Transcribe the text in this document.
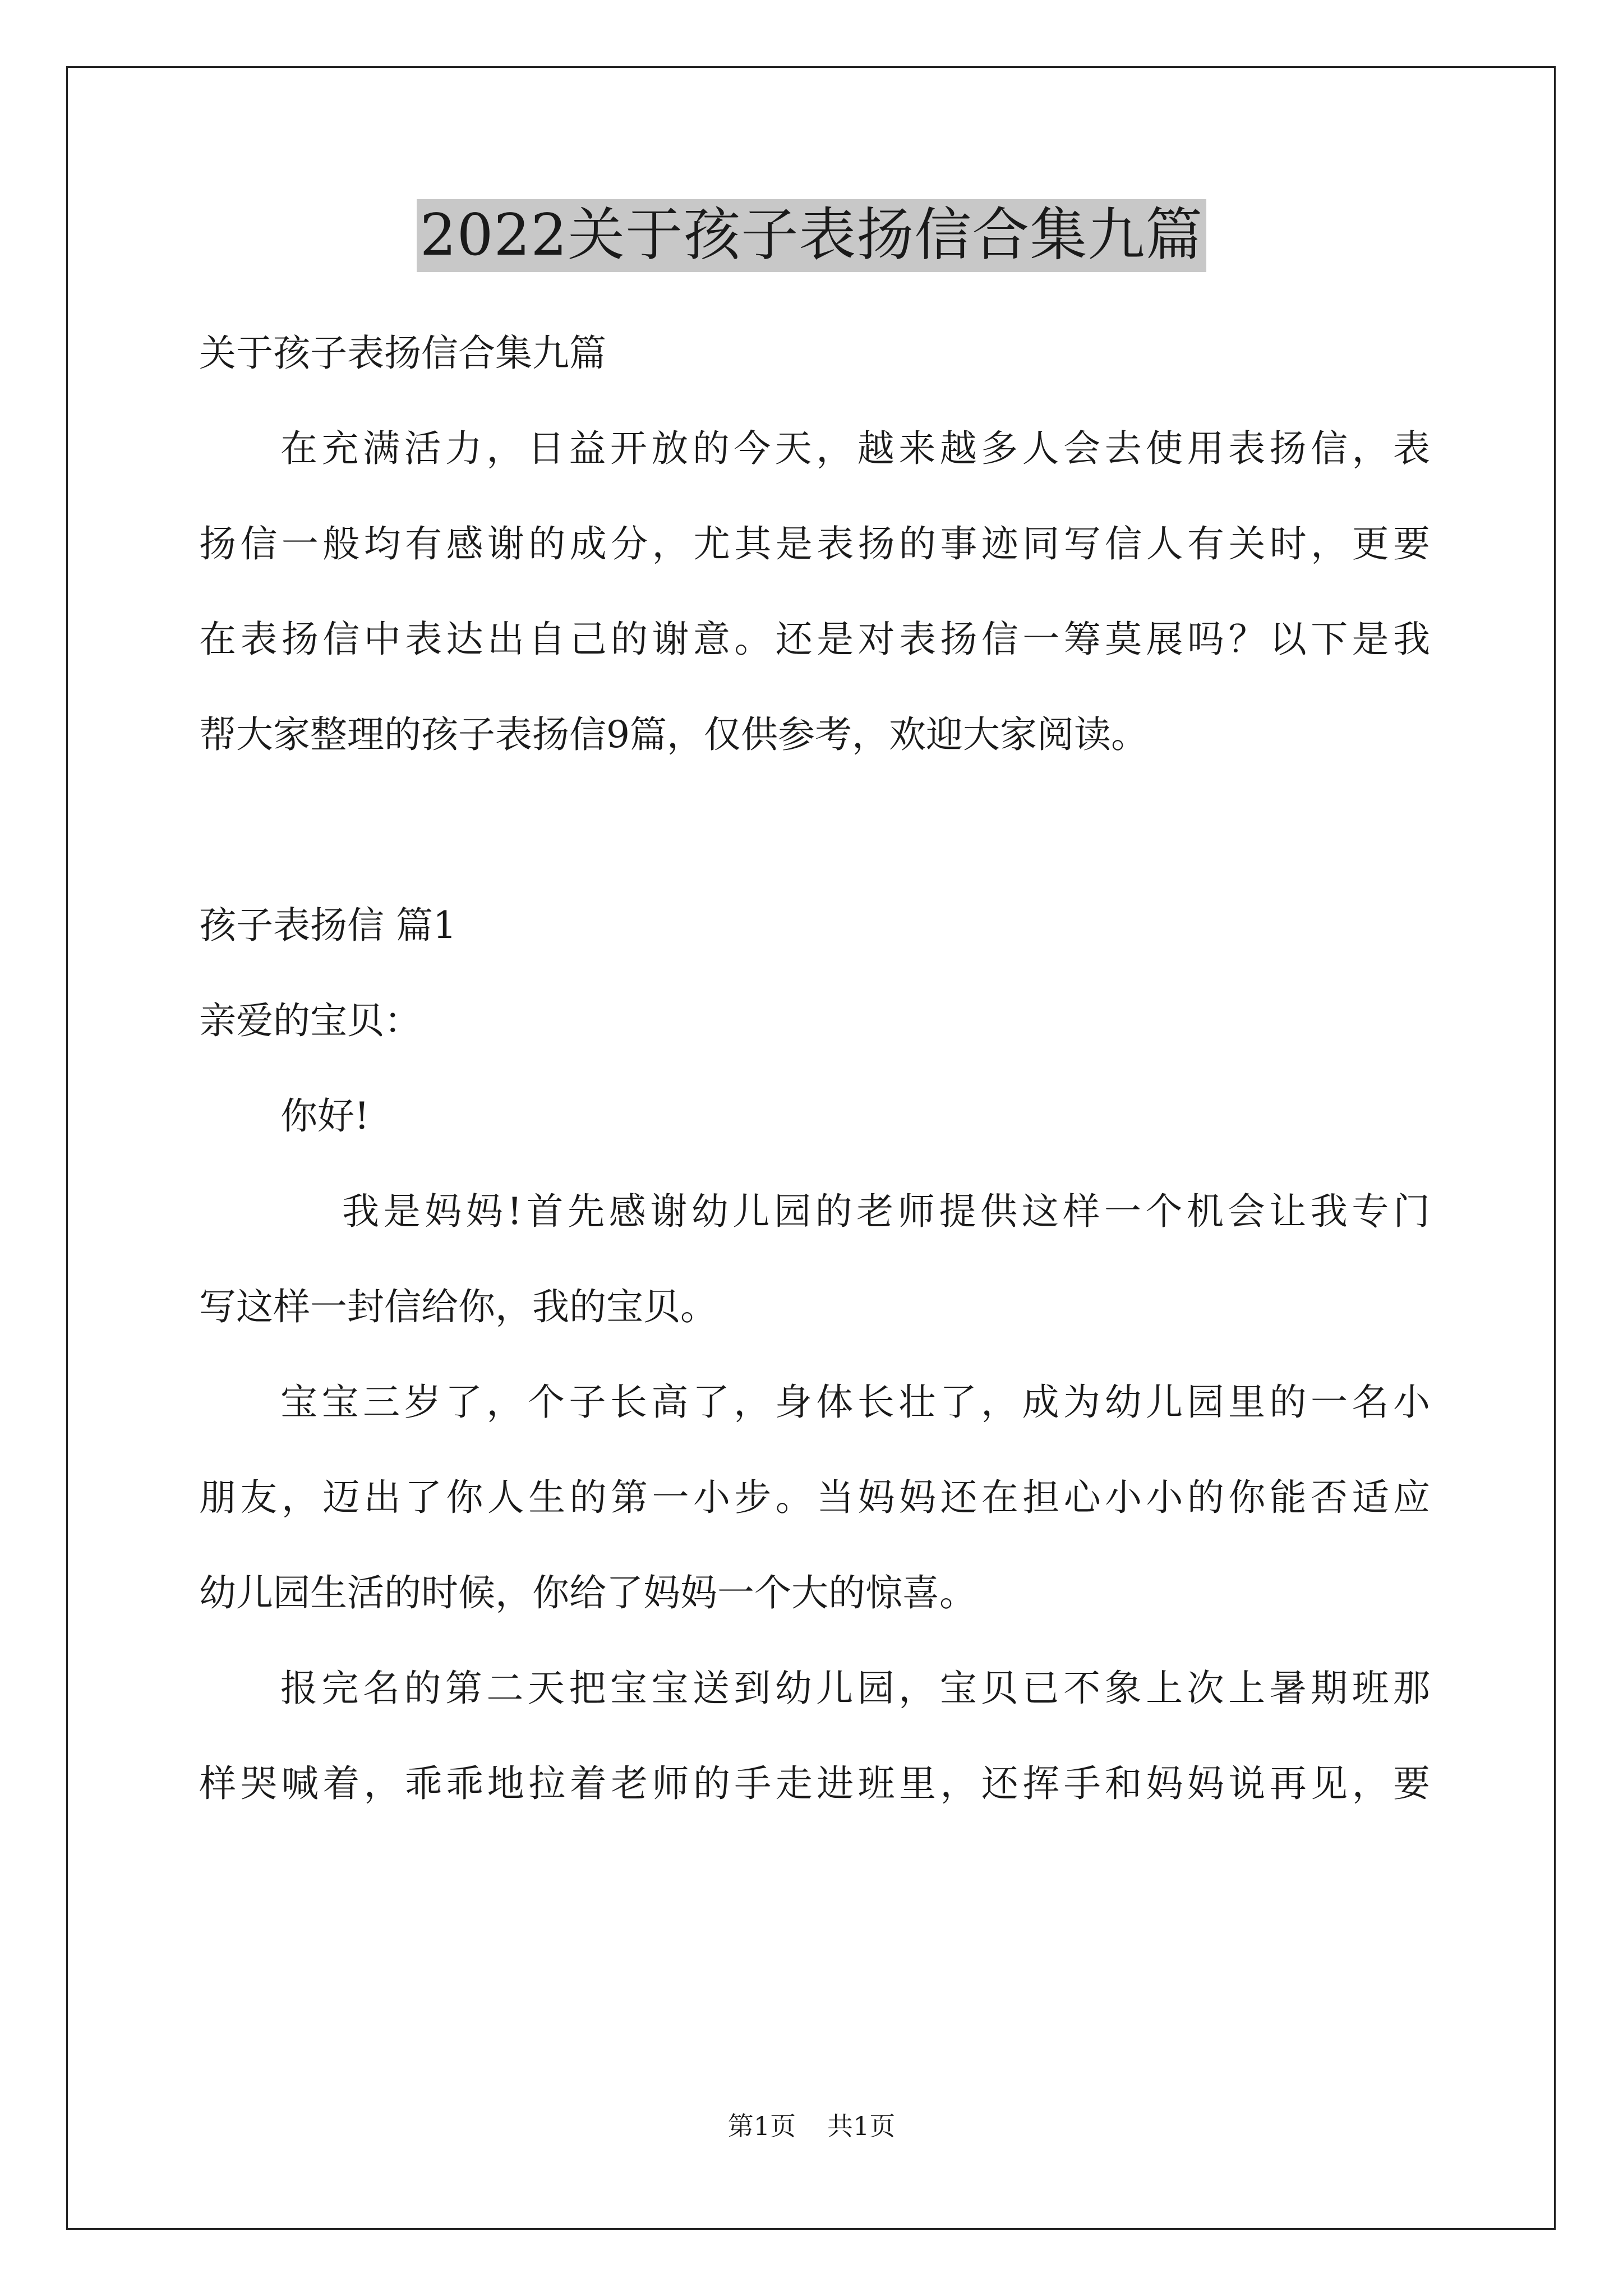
2022关于孩子表扬信合集九篇
关于孩子表扬信合集九篇
在充满活力，日益开放的今天，越来越多人会去使用表扬信，表
扬信一般均有感谢的成分，尤其是表扬的事迹同写信人有关时，更要
在表扬信中表达出自己的谢意。还是对表扬信一筹莫展吗？以下是我
帮大家整理的孩子表扬信9篇，仅供参考，欢迎大家阅读。
孩子表扬信 篇1
亲爱的宝贝：
你好!
我是妈妈!首先感谢幼儿园的老师提供这样一个机会让我专门
写这样一封信给你，我的宝贝。
宝宝三岁了，个子长高了，身体长壮了，成为幼儿园里的一名小
朋友，迈出了你人生的第一小步。当妈妈还在担心小小的你能否适应
幼儿园生活的时候，你给了妈妈一个大的惊喜。
报完名的第二天把宝宝送到幼儿园，宝贝已不象上次上暑期班那
样哭喊着，乖乖地拉着老师的手走进班里，还挥手和妈妈说再见，要
第1页 共1页
